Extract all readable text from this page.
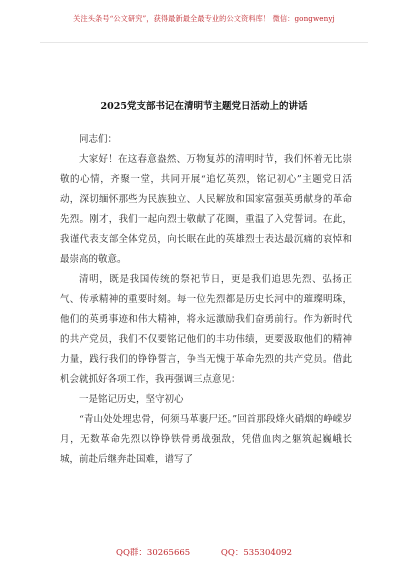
关注头条号“公文研究”，获得最新最全最专业的公文资料库！ 微信：gongwenyj
2025党支部书记在清明节主题党日活动上的讲话
同志们：
大家好！在这春意盎然、万物复苏的清明时节，我们怀着无比崇敬的心情，齐聚一堂，共同开展“追忆英烈，铭记初心”主题党日活动，深切缅怀那些为民族独立、人民解放和国家富强英勇献身的革命先烈。刚才，我们一起向烈士敬献了花圈，重温了入党誓词。在此，我谨代表支部全体党员，向长眠在此的英雄烈士表达最沉痛的哀悼和最崇高的敬意。
清明，既是我国传统的祭祀节日，更是我们追思先烈、弘扬正气、传承精神的重要时刻。每一位先烈都是历史长河中的璀璨明珠，他们的英勇事迹和伟大精神，将永远激励我们奋勇前行。作为新时代的共产党员，我们不仅要铭记他们的丰功伟绩，更要汲取他们的精神力量，践行我们的铮铮誓言，争当无愧于革命先烈的共产党员。借此机会就抓好各项工作，我再强调三点意见：
一是铭记历史，坚守初心
“青山处处埋忠骨，何须马革裹尸还。”回首那段烽火硝烟的峥嵘岁月，无数革命先烈以铮铮铁骨勇战强敌，凭借血肉之躯筑起巍峨长城，前赴后继奔赴国难，谱写了
QQ群：30265665	QQ：535304092
